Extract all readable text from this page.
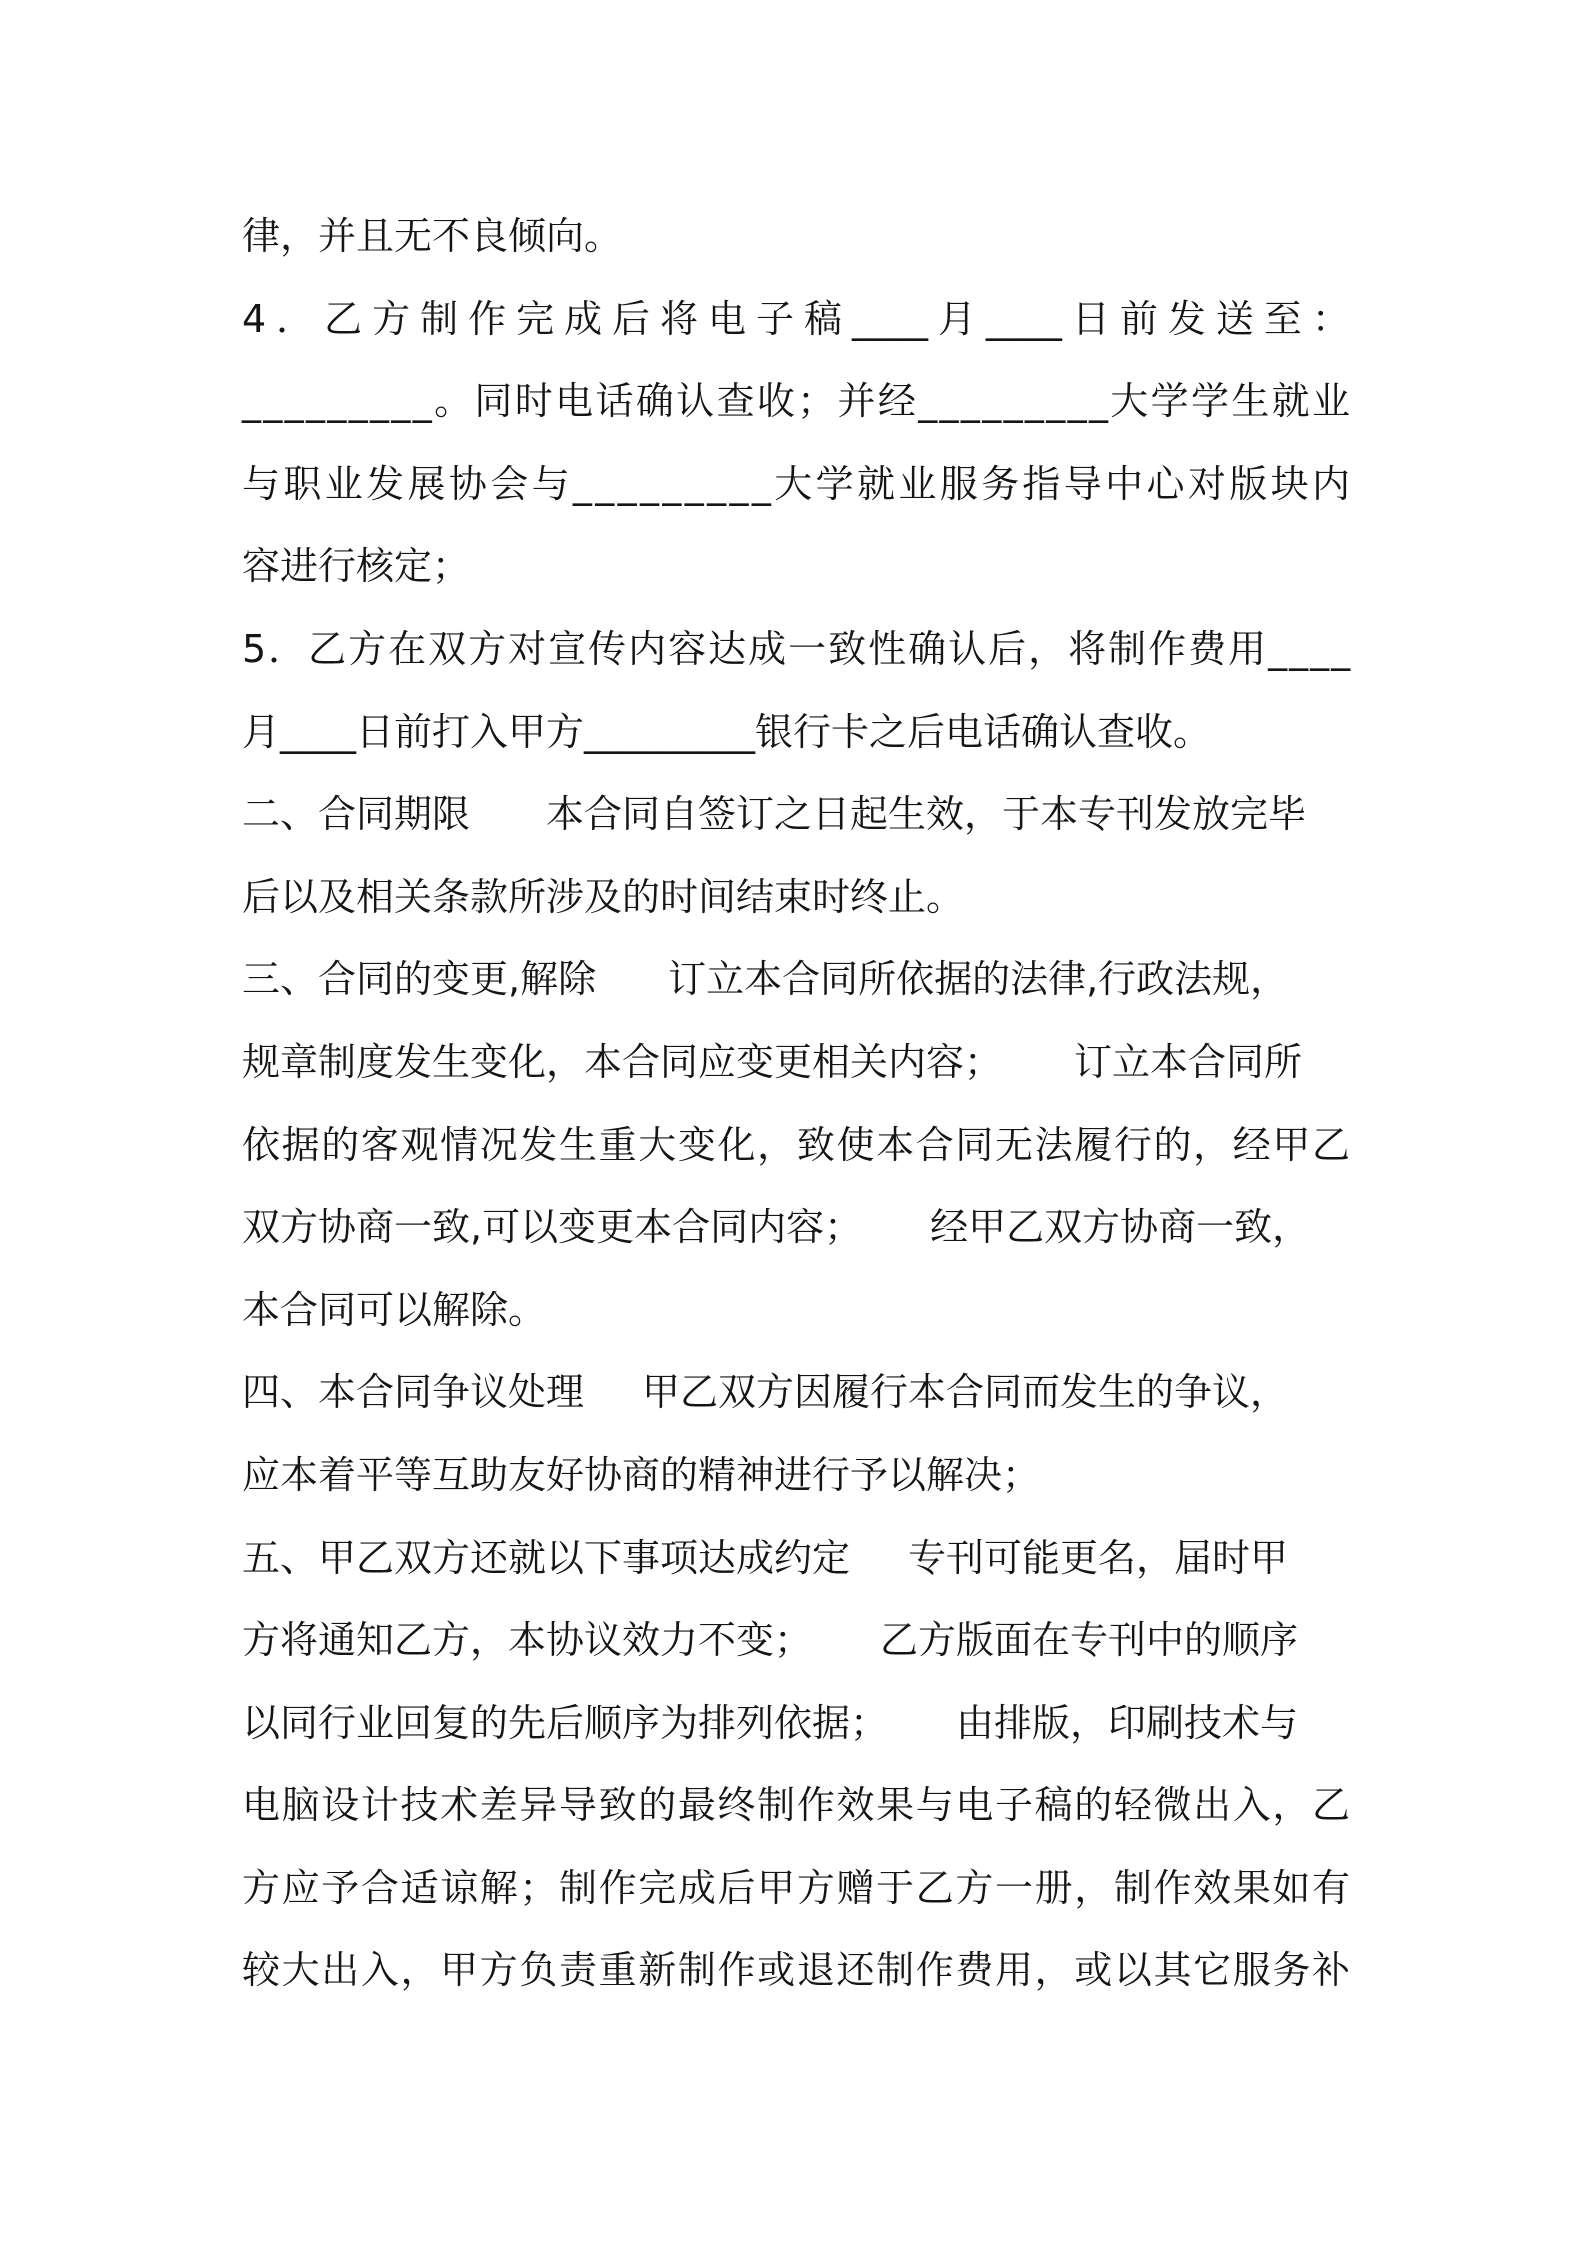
律，并且无不良倾向。
4 ． 乙 方 制 作 完 成 后 将 电 子 稿 ____ 月 ____ 日 前 发 送 至 ：
_________。同时电话确认查收；并经_________大学学生就业
与职业发展协会与_________大学就业服务指导中心对版块内
容进行核定；
5．乙方在双方对宣传内容达成一致性确认后，将制作费用____
月____日前打入甲方_________银行卡之后电话确认查收。
二、合同期限 本合同自签订之日起生效，于本专刊发放完毕
后以及相关条款所涉及的时间结束时终止。
三、合同的变更,解除 订立本合同所依据的法律,行政法规，
规章制度发生变化，本合同应变更相关内容； 订立本合同所
依据的客观情况发生重大变化，致使本合同无法履行的，经甲乙
双方协商一致,可以变更本合同内容； 经甲乙双方协商一致，
本合同可以解除。
四、本合同争议处理 甲乙双方因履行本合同而发生的争议，
应本着平等互助友好协商的精神进行予以解决；
五、甲乙双方还就以下事项达成约定 专刊可能更名，届时甲
方将通知乙方，本协议效力不变； 乙方版面在专刊中的顺序
以同行业回复的先后顺序为排列依据； 由排版，印刷技术与
电脑设计技术差异导致的最终制作效果与电子稿的轻微出入，乙
方应予合适谅解；制作完成后甲方赠于乙方一册，制作效果如有
较大出入，甲方负责重新制作或退还制作费用，或以其它服务补
